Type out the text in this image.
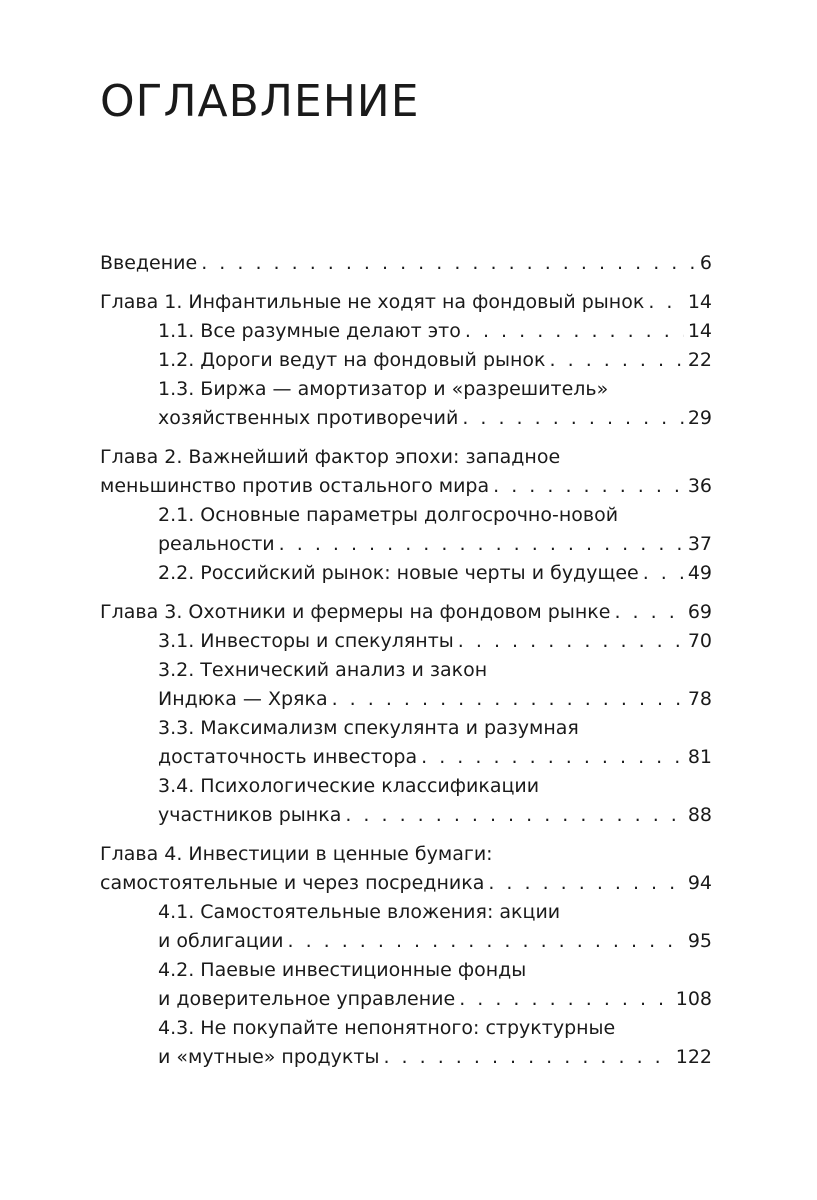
ОГЛАВЛЕНИЕ
Введение . . .	6
Глава 1. Инфантильные не ходят на фондовый рынок . . . 14
1.1. Все разумные делают это . . .	14
1.2. Дороги ведут на фондовый рынок . . .	22
1.3. Биржа — амортизатор и «разрешитель»
хозяйственных противоречий . . .	29
Глава 2. Важнейший фактор эпохи: западное
меньшинство против остального мира . . .	36
2.1. Основные параметры долгосрочно-новой
реальности . . .	37
2.2. Российский рынок: новые черты и будущее . . .	49
Глава 3. Охотники и фермеры на фондовом рынке . . .	69
3.1. Инвесторы и спекулянты . . .	70
3.2. Технический анализ и закон
Индюка — Хряка . . .	78
3.3. Максимализм спекулянта и разумная
достаточность инвестора . . .	81
3.4. Психологические классификации
участников рынка . . .	88
Глава 4. Инвестиции в ценные бумаги:
самостоятельные и через посредника . . .	94
4.1. Самостоятельные вложения: акции
и облигации . . .	95
4.2. Паевые инвестиционные фонды
и доверительное управление . . .	108
4.3. Не покупайте непонятного: структурные
и «мутные» продукты . . .	122
